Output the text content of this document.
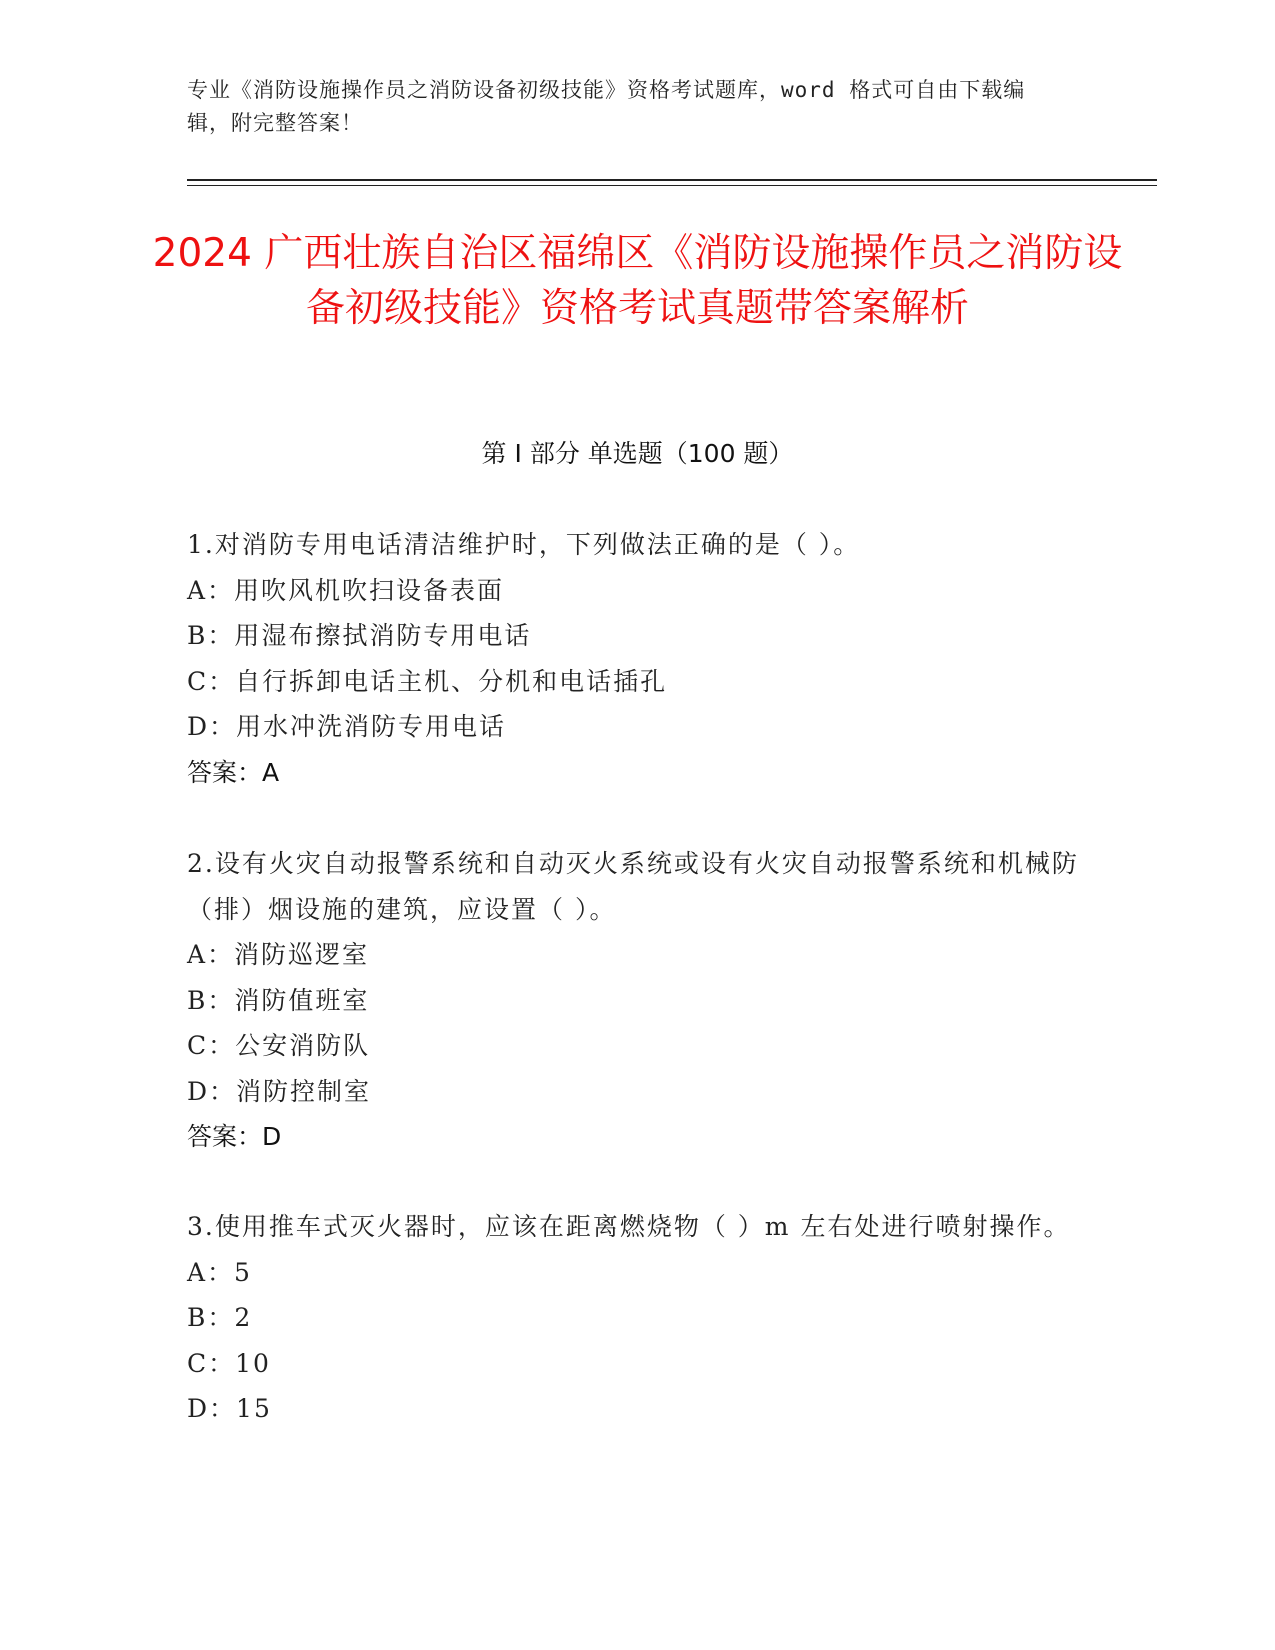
专业《消防设施操作员之消防设备初级技能》资格考试题库，word 格式可自由下载编辑，附完整答案！
2024 广西壮族自治区福绵区《消防设施操作员之消防设备初级技能》资格考试真题带答案解析
第 I 部分 单选题（100 题）
1.对消防专用电话清洁维护时，下列做法正确的是（ ）。
A：用吹风机吹扫设备表面
B：用湿布擦拭消防专用电话
C：自行拆卸电话主机、分机和电话插孔
D：用水冲洗消防专用电话
答案：A
2.设有火灾自动报警系统和自动灭火系统或设有火灾自动报警系统和机械防（排）烟设施的建筑，应设置（ ）。
A：消防巡逻室
B：消防值班室
C：公安消防队
D：消防控制室
答案：D
3.使用推车式灭火器时，应该在距离燃烧物（ ）m 左右处进行喷射操作。
A：5
B：2
C：10
D：15
